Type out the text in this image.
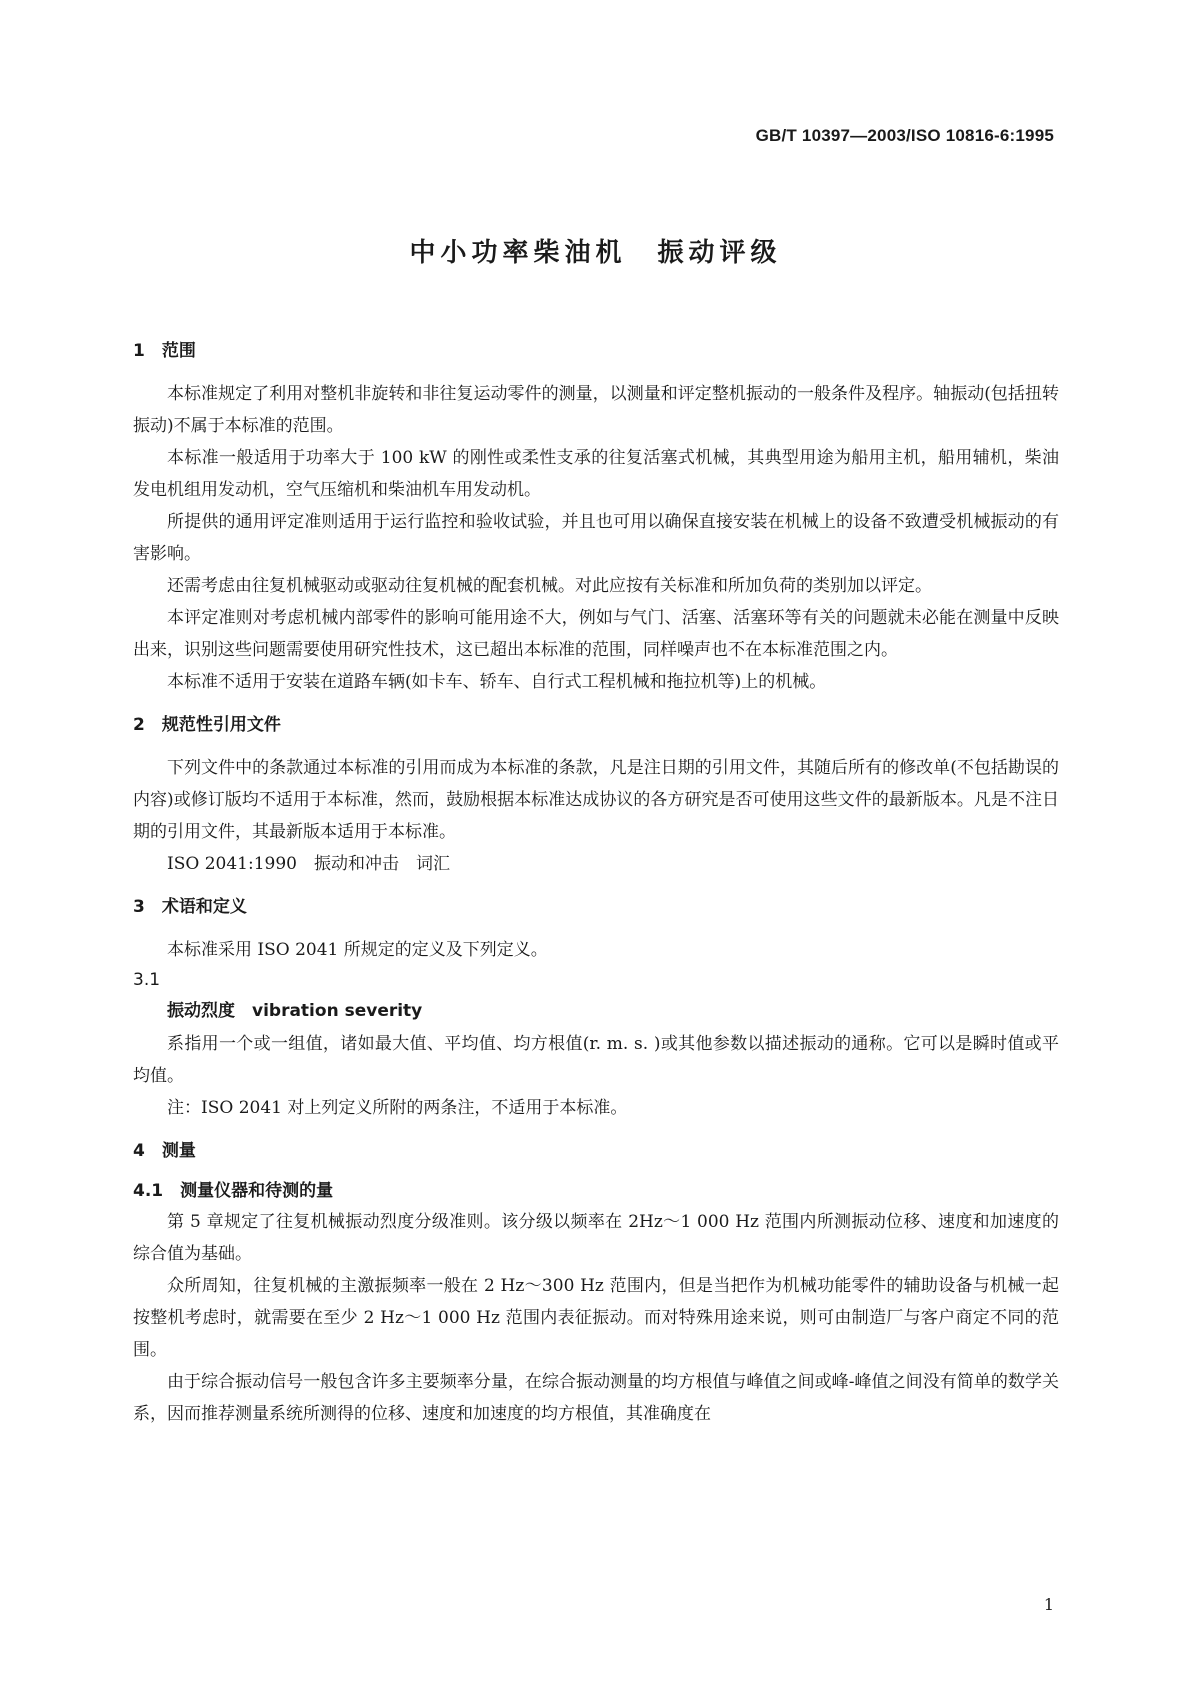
GB/T 10397—2003/ISO 10816-6:1995
中小功率柴油机　振动评级
1　范围

本标准规定了利用对整机非旋转和非往复运动零件的测量，以测量和评定整机振动的一般条件及程序。轴振动(包括扭转振动)不属于本标准的范围。

本标准一般适用于功率大于 100 kW 的刚性或柔性支承的往复活塞式机械，其典型用途为船用主机，船用辅机，柴油发电机组用发动机，空气压缩机和柴油机车用发动机。

所提供的通用评定准则适用于运行监控和验收试验，并且也可用以确保直接安装在机械上的设备不致遭受机械振动的有害影响。

还需考虑由往复机械驱动或驱动往复机械的配套机械。对此应按有关标准和所加负荷的类别加以评定。

本评定准则对考虑机械内部零件的影响可能用途不大，例如与气门、活塞、活塞环等有关的问题就未必能在测量中反映出来，识别这些问题需要使用研究性技术，这已超出本标准的范围，同样噪声也不在本标准范围之内。

本标准不适用于安装在道路车辆(如卡车、轿车、自行式工程机械和拖拉机等)上的机械。

2　规范性引用文件

下列文件中的条款通过本标准的引用而成为本标准的条款，凡是注日期的引用文件，其随后所有的修改单(不包括勘误的内容)或修订版均不适用于本标准，然而，鼓励根据本标准达成协议的各方研究是否可使用这些文件的最新版本。凡是不注日期的引用文件，其最新版本适用于本标准。

ISO 2041:1990　振动和冲击　词汇
3　术语和定义

本标准采用 ISO 2041 所规定的定义及下列定义。

3.1
振动烈度　vibration severity

系指用一个或一组值，诸如最大值、平均值、均方根值(r. m. s. )或其他参数以描述振动的通称。它可以是瞬时值或平均值。

注：ISO 2041 对上列定义所附的两条注，不适用于本标准。

4　测量
4.1　测量仪器和待测的量

第 5 章规定了往复机械振动烈度分级准则。该分级以频率在 2Hz～1 000 Hz 范围内所测振动位移、速度和加速度的综合值为基础。

众所周知，往复机械的主激振频率一般在 2 Hz～300 Hz 范围内，但是当把作为机械功能零件的辅助设备与机械一起按整机考虑时，就需要在至少 2 Hz～1 000 Hz 范围内表征振动。而对特殊用途来说，则可由制造厂与客户商定不同的范围。

由于综合振动信号一般包含许多主要频率分量，在综合振动测量的均方根值与峰值之间或峰-峰值之间没有简单的数学关系，因而推荐测量系统所测得的位移、速度和加速度的均方根值，其准确度在

1
